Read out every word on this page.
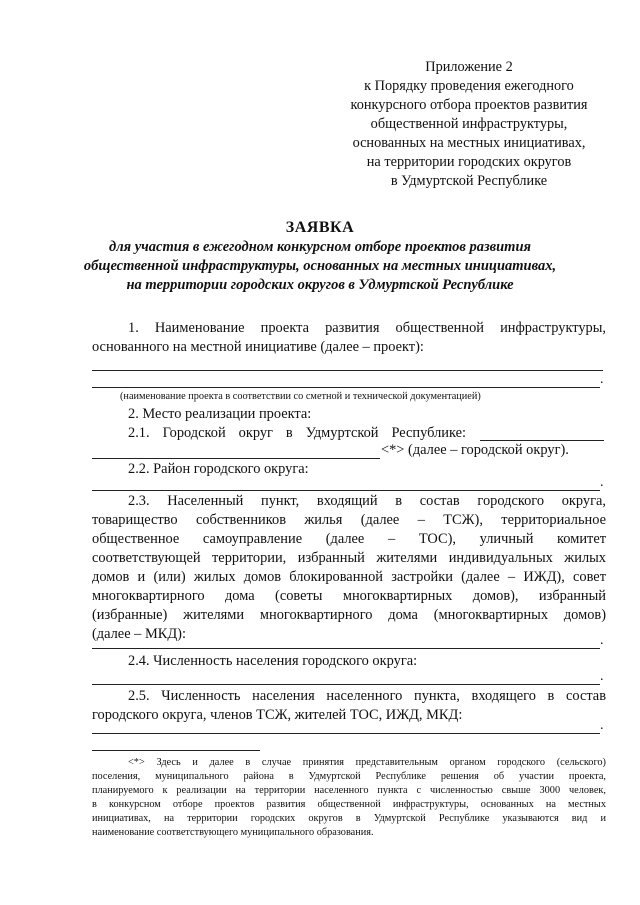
Приложение 2
к Порядку проведения ежегодного
конкурсного отбора проектов развития
общественной инфраструктуры,
основанных на местных инициативах,
на территории городских округов
в Удмуртской Республике
ЗАЯВКА
для участия в ежегодном конкурсном отборе проектов развития
общественной инфраструктуры, основанных на местных инициативах,
на территории городских округов в Удмуртской Республике
1. Наименование проекта развития общественной инфраструктуры,
основанного на местной инициативе (далее – проект):
.
(наименование проекта в соответствии со сметной и технической документацией)
2. Место реализации проекта:
2.1. Городской округ в Удмуртской Республике:
<*> (далее – городской округ).
2.2. Район городского округа:
.
2.3. Населенный пункт, входящий в состав городского округа,
товарищество собственников жилья (далее – ТСЖ), территориальное
общественное самоуправление (далее – ТОС), уличный комитет
соответствующей территории, избранный жителями индивидуальных жилых
домов и (или) жилых домов блокированной застройки (далее – ИЖД), совет
многоквартирного дома (советы многоквартирных домов), избранный
(избранные) жителями многоквартирного дома (многоквартирных домов)
(далее – МКД):	.
2.4. Численность населения городского округа:
.
2.5. Численность населения населенного пункта, входящего в состав
городского округа, членов ТСЖ, жителей ТОС, ИЖД, МКД:
.
<*> Здесь и далее в случае принятия представительным органом городского (сельского)
поселения, муниципального района в Удмуртской Республике решения об участии проекта,
планируемого к реализации на территории населенного пункта с численностью свыше 3000 человек,
в конкурсном отборе проектов развития общественной инфраструктуры, основанных на местных
инициативах, на территории городских округов в Удмуртской Республике указываются вид и
наименование соответствующего муниципального образования.
